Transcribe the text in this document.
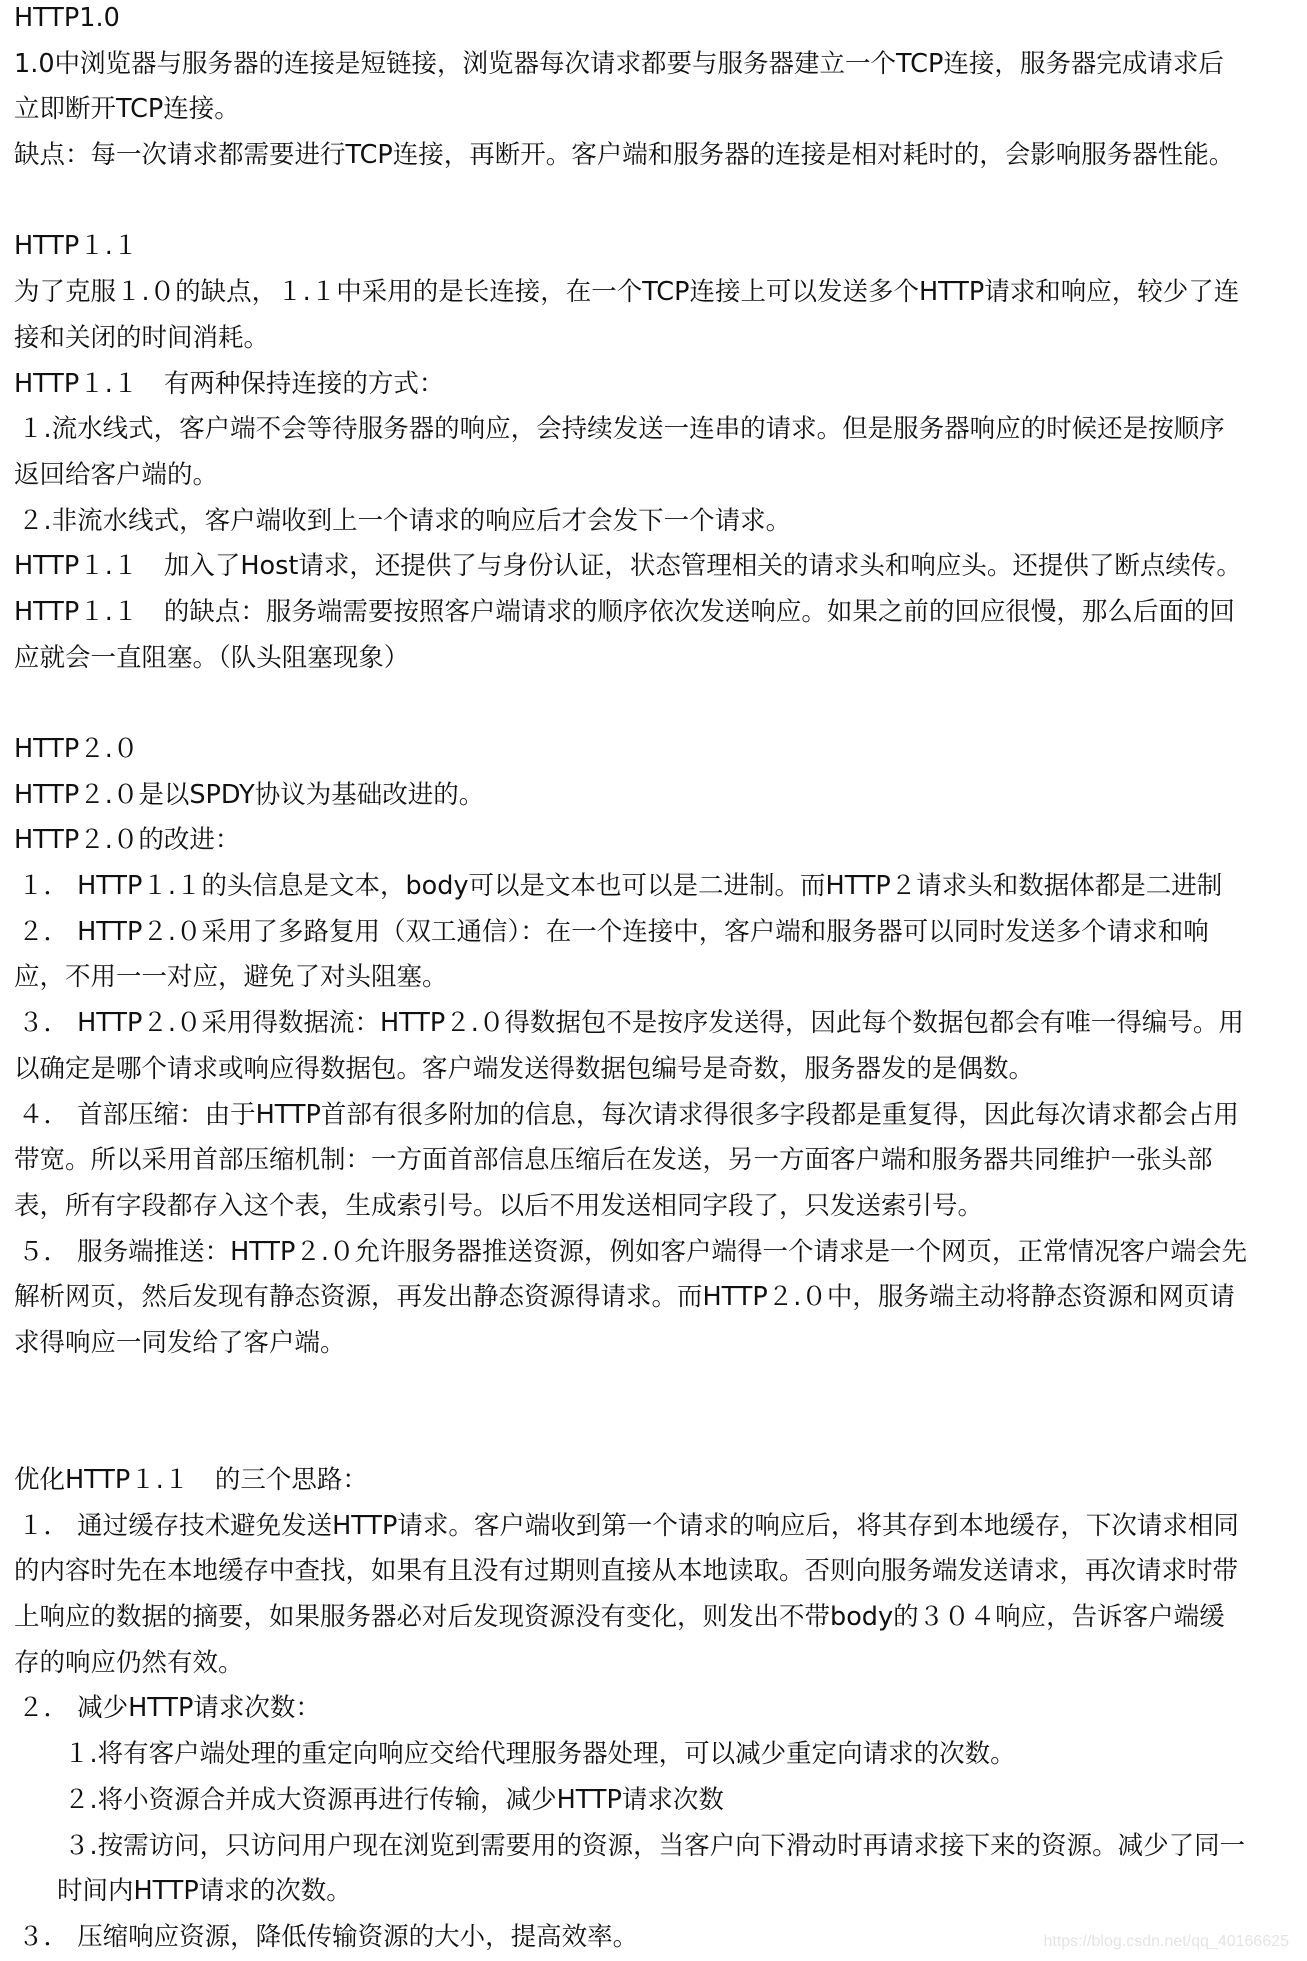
HTTP1.0
1.0中浏览器与服务器的连接是短链接，浏览器每次请求都要与服务器建立一个TCP连接，服务器完成请求后
立即断开TCP连接。
缺点：每一次请求都需要进行TCP连接，再断开。客户端和服务器的连接是相对耗时的，会影响服务器性能。
HTTP１.１
为了克服１.０的缺点，１.１中采用的是长连接，在一个TCP连接上可以发送多个HTTP请求和响应，较少了连
接和关闭的时间消耗。
HTTP１.１　有两种保持连接的方式：
１.流水线式，客户端不会等待服务器的响应，会持续发送一连串的请求。但是服务器响应的时候还是按顺序
返回给客户端的。
２.非流水线式，客户端收到上一个请求的响应后才会发下一个请求。
HTTP１.１　加入了Host请求，还提供了与身份认证，状态管理相关的请求头和响应头。还提供了断点续传。
HTTP１.１　的缺点：服务端需要按照客户端请求的顺序依次发送响应。如果之前的回应很慢，那么后面的回
应就会一直阻塞。（队头阻塞现象）
HTTP２.０
HTTP２.０是以SPDY协议为基础改进的。
HTTP２.０的改进：
１． HTTP１.１的头信息是文本，body可以是文本也可以是二进制。而HTTP２请求头和数据体都是二进制
２． HTTP２.０采用了多路复用（双工通信）：在一个连接中，客户端和服务器可以同时发送多个请求和响
应，不用一一对应，避免了对头阻塞。
３． HTTP２.０采用得数据流：HTTP２.０得数据包不是按序发送得，因此每个数据包都会有唯一得编号。用
以确定是哪个请求或响应得数据包。客户端发送得数据包编号是奇数，服务器发的是偶数。
４． 首部压缩：由于HTTP首部有很多附加的信息，每次请求得很多字段都是重复得，因此每次请求都会占用
带宽。所以采用首部压缩机制：一方面首部信息压缩后在发送，另一方面客户端和服务器共同维护一张头部
表，所有字段都存入这个表，生成索引号。以后不用发送相同字段了，只发送索引号。
５． 服务端推送：HTTP２.０允许服务器推送资源，例如客户端得一个请求是一个网页，正常情况客户端会先
解析网页，然后发现有静态资源，再发出静态资源得请求。而HTTP２.０中，服务端主动将静态资源和网页请
求得响应一同发给了客户端。
优化HTTP１.１　的三个思路：
１． 通过缓存技术避免发送HTTP请求。客户端收到第一个请求的响应后，将其存到本地缓存，下次请求相同
的内容时先在本地缓存中查找，如果有且没有过期则直接从本地读取。否则向服务端发送请求，再次请求时带
上响应的数据的摘要，如果服务器必对后发现资源没有变化，则发出不带body的３０４响应，告诉客户端缓
存的响应仍然有效。
２． 减少HTTP请求次数：
１.将有客户端处理的重定向响应交给代理服务器处理，可以减少重定向请求的次数。
２.将小资源合并成大资源再进行传输，减少HTTP请求次数
３.按需访问，只访问用户现在浏览到需要用的资源，当客户向下滑动时再请求接下来的资源。减少了同一
时间内HTTP请求的次数。
３． 压缩响应资源，降低传输资源的大小，提高效率。	https://blog.csdn.net/qq_40166625
